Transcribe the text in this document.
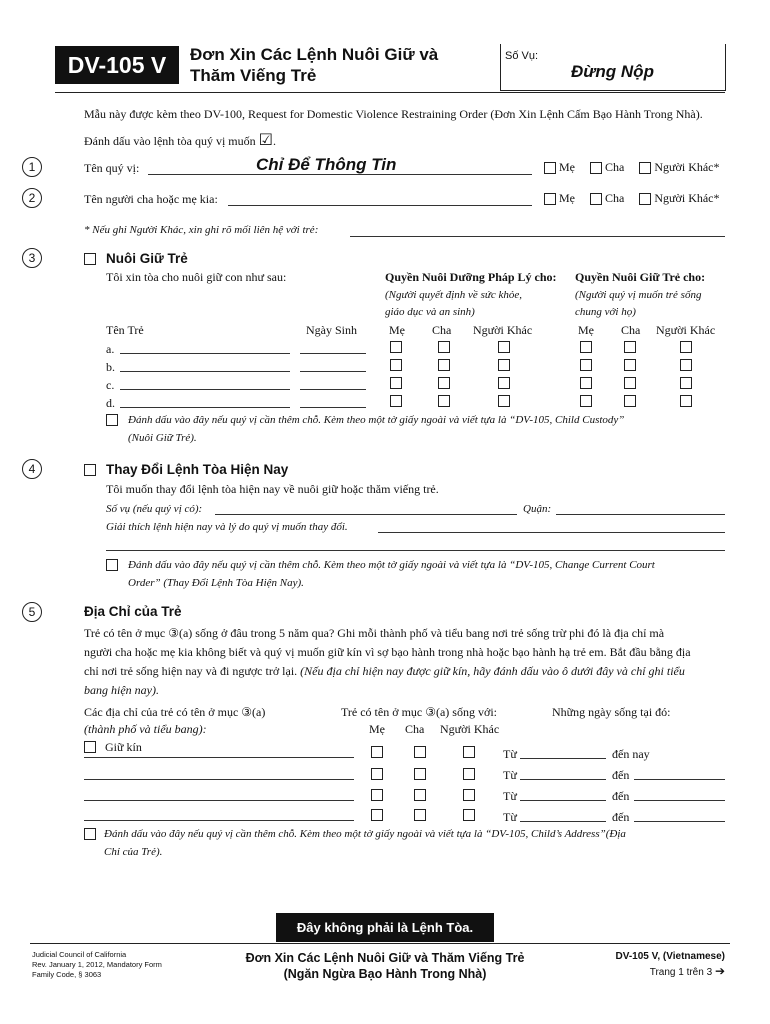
DV-105 V	Đơn Xin Các Lệnh Nuôi Giữ và
Thăm Viếng Trẻ
Số Vụ:
Đừng Nộp
Mẫu này được kèm theo DV-100, Request for Domestic Violence Restraining Order (Đơn Xin Lệnh Cấm Bạo Hành Trong Nhà).
Đánh dấu vào lệnh tòa quý vị muốn ☑.
1	Tên quý vị:	Chỉ Để Thông Tin	Mẹ	Cha	Người Khác*
2	Tên người cha hoặc mẹ kia:	Mẹ	Cha	Người Khác*
* Nếu ghi Người Khác, xin ghi rõ mối liên hệ với trẻ:
3	Nuôi Giữ Trẻ
Tôi xin tòa cho nuôi giữ con như sau:	Quyền Nuôi Dưỡng Pháp Lý cho:
(Người quyết định về sức khỏe,
giáo dục và an sinh)
Quyền Nuôi Giữ Trẻ cho:
(Người quý vị muốn trẻ sống
chung với họ)
Tên Trẻ	Ngày Sinh	Mẹ Cha Người Khác	Mẹ Cha Người Khác
a.
b.
c.
d.
Đánh dấu vào đây nếu quý vị cần thêm chỗ. Kèm theo một tờ giấy ngoài và viết tựa là “DV-105, Child Custody”
(Nuôi Giữ Trẻ).
4	Thay Đổi Lệnh Tòa Hiện Nay
Tôi muốn thay đổi lệnh tòa hiện nay về nuôi giữ hoặc thăm viếng trẻ.
Số vụ (nếu quý vị có):	Quận:
Giải thích lệnh hiện nay và lý do quý vị muốn thay đổi.
Đánh dấu vào đây nếu quý vị cần thêm chỗ. Kèm theo một tờ giấy ngoài và viết tựa là “DV-105, Change Current Court
Order” (Thay Đổi Lệnh Tòa Hiện Nay).
5	Địa Chỉ của Trẻ
Trẻ có tên ở mục ③(a) sống ở đâu trong 5 năm qua? Ghi mỗi thành phố và tiểu bang nơi trẻ sống trừ phi đó là địa chỉ mà
người cha hoặc mẹ kia không biết và quý vị muốn giữ kín vì sợ bạo hành trong nhà hoặc bạo hành hạ trẻ em. Bắt đầu bằng địa
chỉ nơi trẻ sống hiện nay và đi ngược trở lại. (Nếu địa chỉ hiện nay được giữ kín, hãy đánh dấu vào ô dưới đây và chỉ ghi tiểu
bang hiện nay).
Các địa chỉ của trẻ có tên ở mục ③(a)
(thành phố và tiểu bang):
Trẻ có tên ở mục ③(a) sống với:	Những ngày sống tại đó:
Mẹ Cha Người Khác
Giữ kín	Từ	đến nay
Từ	đến
Từ	đến
Từ	đến
Đánh dấu vào đây nếu quý vị cần thêm chỗ. Kèm theo một tờ giấy ngoài và viết tựa là “DV-105, Child’s Address”(Địa
Chỉ của Trẻ).
Đây không phải là Lệnh Tòa.
Judicial Council of California
Rev. January 1, 2012, Mandatory Form
Family Code, § 3063
Đơn Xin Các Lệnh Nuôi Giữ và Thăm Viếng Trẻ
(Ngăn Ngừa Bạo Hành Trong Nhà)
DV-105 V, (Vietnamese)
Trang 1 trên 3 ➔
